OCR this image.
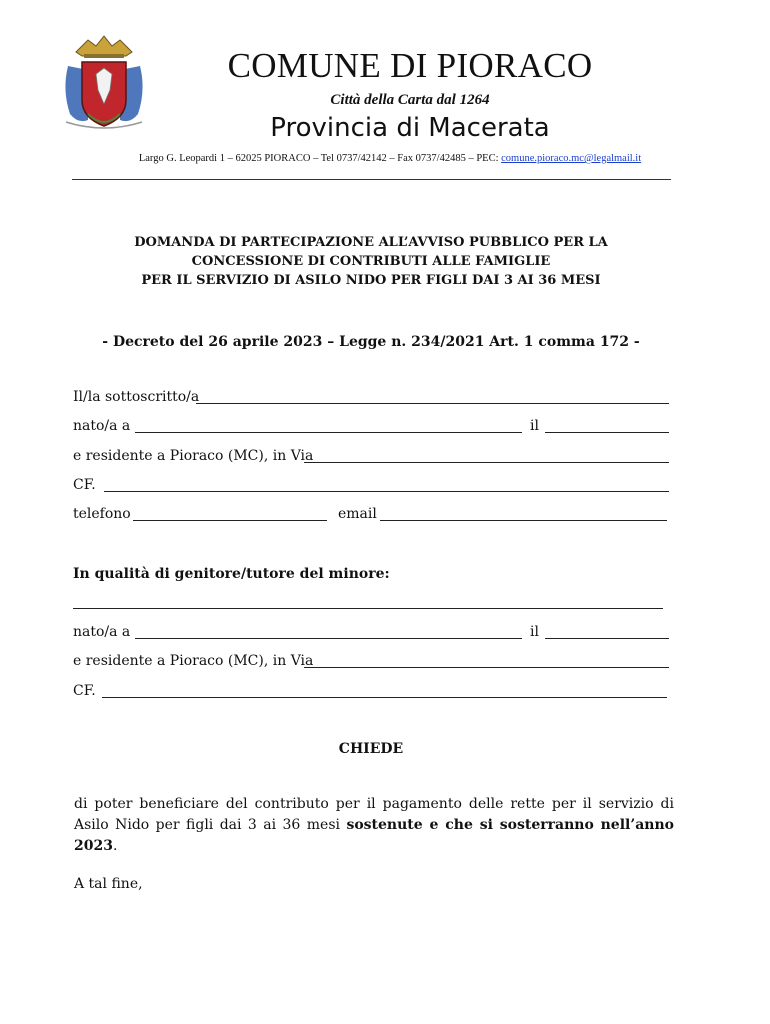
COMUNE DI PIORACO
Città della Carta dal 1264
Provincia di Macerata
Largo G. Leopardi 1 – 62025 PIORACO – Tel 0737/42142 – Fax 0737/42485 – PEC: comune.pioraco.mc@legalmail.it
DOMANDA DI PARTECIPAZIONE ALL’AVVISO PUBBLICO PER LA
CONCESSIONE DI CONTRIBUTI ALLE FAMIGLIE
PER IL SERVIZIO DI ASILO NIDO PER FIGLI DAI 3 AI 36 MESI
- Decreto del 26 aprile 2023 – Legge n. 234/2021 Art. 1 comma 172 -
Il/la sottoscritto/a
nato/a a	il
e residente a Pioraco (MC), in Via
CF.
telefono	email
In qualità di genitore/tutore del minore:
nato/a a	il
e residente a Pioraco (MC), in Via
CF.
CHIEDE
di poter beneficiare del contributo per il pagamento delle rette per il servizio di Asilo Nido per figli dai 3 ai 36 mesi sostenute e che si sosterranno nell’anno 2023.
A tal fine,
